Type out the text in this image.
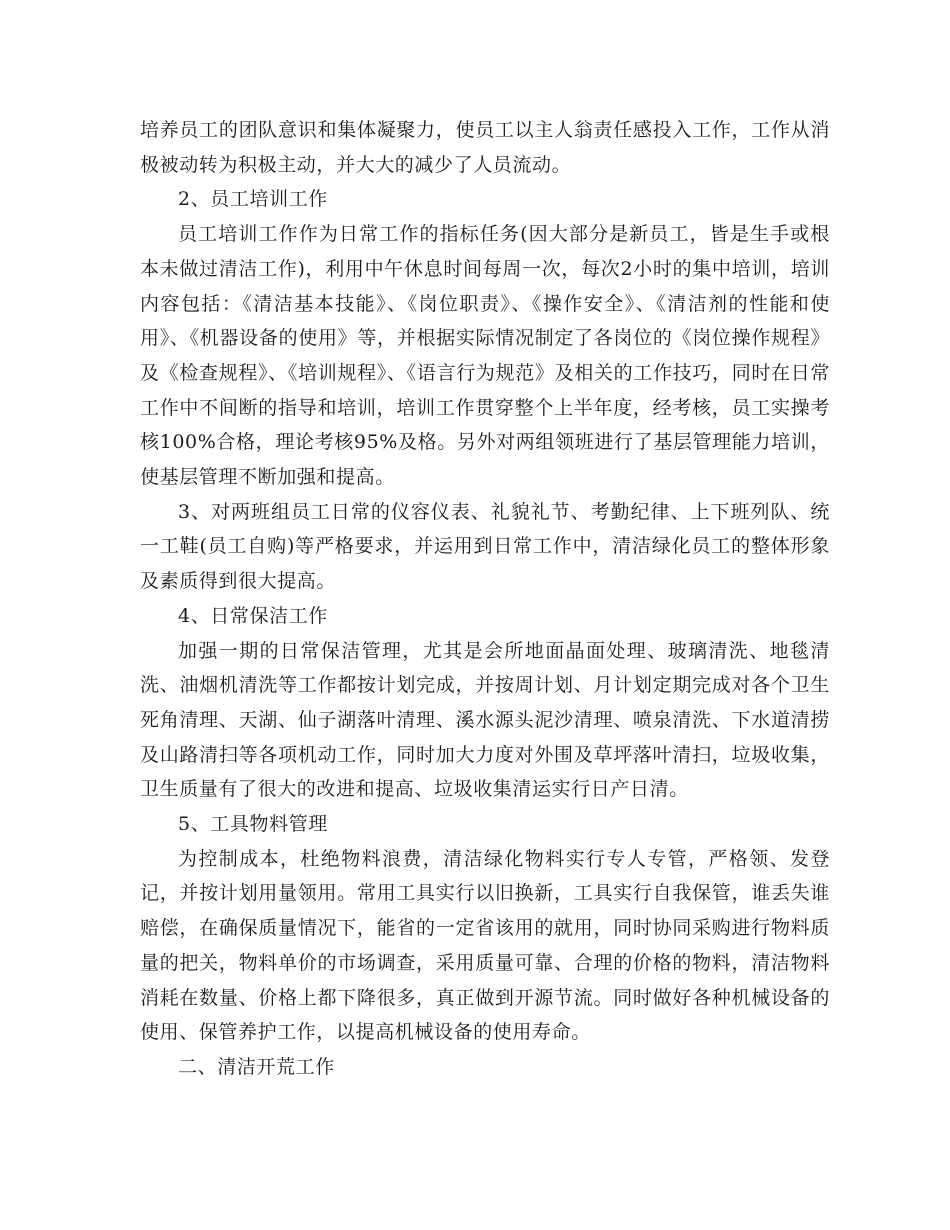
培养员工的团队意识和集体凝聚力，使员工以主人翁责任感投入工作，工作从消极被动转为积极主动，并大大的减少了人员流动。

2、员工培训工作

员工培训工作作为日常工作的指标任务(因大部分是新员工，皆是生手或根本未做过清洁工作)，利用中午休息时间每周一次，每次2小时的集中培训，培训内容包括：《清洁基本技能》、《岗位职责》、《操作安全》、《清洁剂的性能和使用》、《机器设备的使用》等，并根据实际情况制定了各岗位的《岗位操作规程》及《检查规程》、《培训规程》、《语言行为规范》及相关的工作技巧，同时在日常工作中不间断的指导和培训，培训工作贯穿整个上半年度，经考核，员工实操考核100%合格，理论考核95%及格。另外对两组领班进行了基层管理能力培训，使基层管理不断加强和提高。

3、对两班组员工日常的仪容仪表、礼貌礼节、考勤纪律、上下班列队、统一工鞋(员工自购)等严格要求，并运用到日常工作中，清洁绿化员工的整体形象及素质得到很大提高。

4、日常保洁工作

加强一期的日常保洁管理，尤其是会所地面晶面处理、玻璃清洗、地毯清洗、油烟机清洗等工作都按计划完成，并按周计划、月计划定期完成对各个卫生死角清理、天湖、仙子湖落叶清理、溪水源头泥沙清理、喷泉清洗、下水道清捞及山路清扫等各项机动工作，同时加大力度对外围及草坪落叶清扫，垃圾收集，卫生质量有了很大的改进和提高、垃圾收集清运实行日产日清。

5、工具物料管理

为控制成本，杜绝物料浪费，清洁绿化物料实行专人专管，严格领、发登记，并按计划用量领用。常用工具实行以旧换新，工具实行自我保管，谁丢失谁赔偿，在确保质量情况下，能省的一定省该用的就用，同时协同采购进行物料质量的把关，物料单价的市场调查，采用质量可靠、合理的价格的物料，清洁物料消耗在数量、价格上都下降很多，真正做到开源节流。同时做好各种机械设备的使用、保管养护工作，以提高机械设备的使用寿命。

二、清洁开荒工作
